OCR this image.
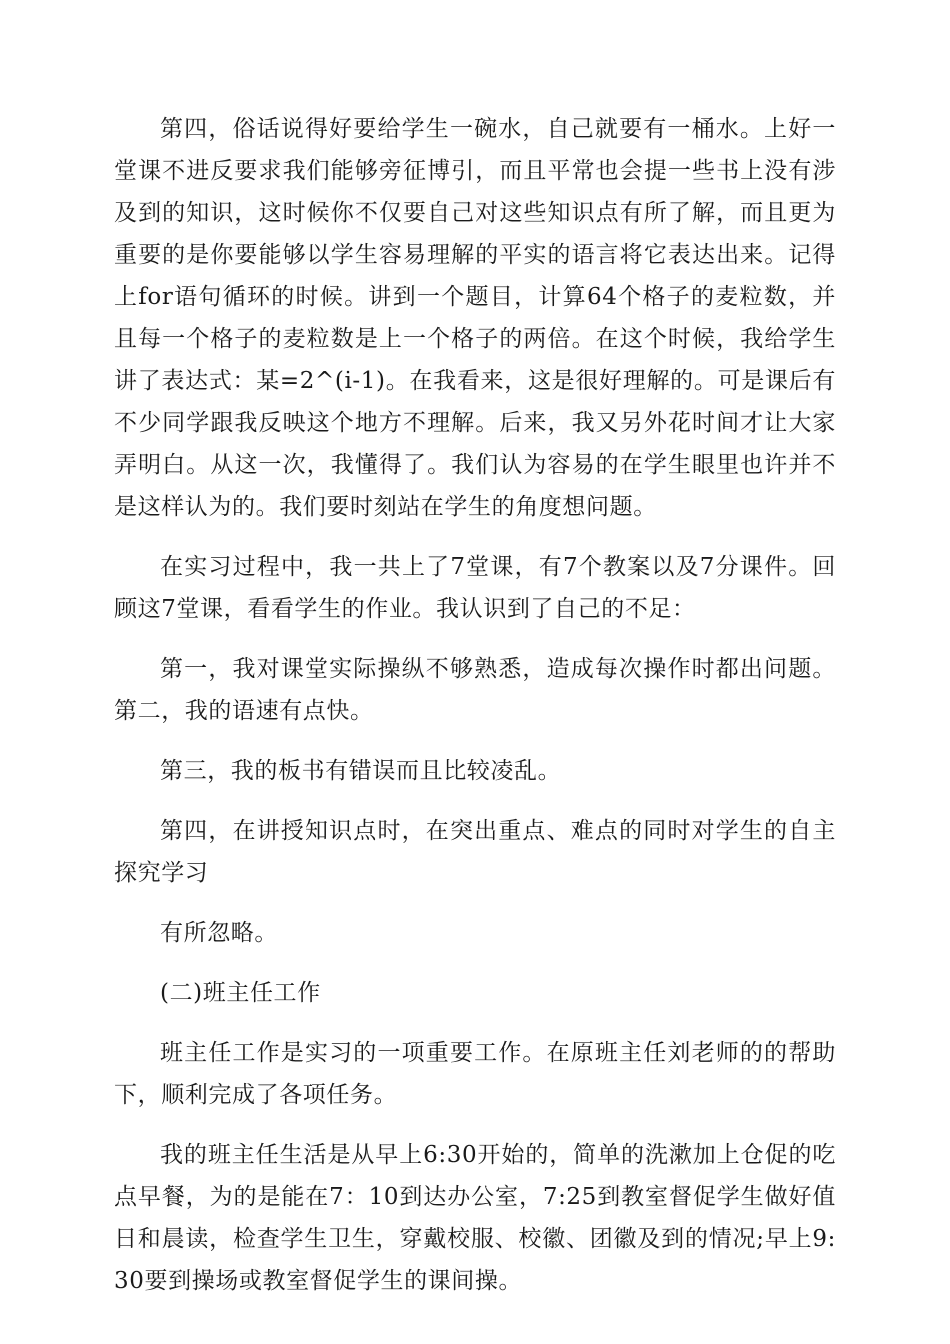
第四，俗话说得好要给学生一碗水，自己就要有一桶水。上好一堂课不进反要求我们能够旁征博引，而且平常也会提一些书上没有涉及到的知识，这时候你不仅要自己对这些知识点有所了解，而且更为重要的是你要能够以学生容易理解的平实的语言将它表达出来。记得上for语句循环的时候。讲到一个题目，计算64个格子的麦粒数，并且每一个格子的麦粒数是上一个格子的两倍。在这个时候，我给学生讲了表达式：某=2^(i-1)。在我看来，这是很好理解的。可是课后有不少同学跟我反映这个地方不理解。后来，我又另外花时间才让大家弄明白。从这一次，我懂得了。我们认为容易的在学生眼里也许并不是这样认为的。我们要时刻站在学生的角度想问题。

在实习过程中，我一共上了7堂课，有7个教案以及7分课件。回顾这7堂课，看看学生的作业。我认识到了自己的不足：

第一，我对课堂实际操纵不够熟悉，造成每次操作时都出问题。第二，我的语速有点快。

第三，我的板书有错误而且比较凌乱。

第四，在讲授知识点时，在突出重点、难点的同时对学生的自主探究学习

有所忽略。

(二)班主任工作

班主任工作是实习的一项重要工作。在原班主任刘老师的的帮助下，顺利完成了各项任务。

我的班主任生活是从早上6:30开始的，简单的洗漱加上仓促的吃点早餐，为的是能在7：10到达办公室，7:25到教室督促学生做好值日和晨读，检查学生卫生，穿戴校服、校徽、团徽及到的情况;早上9:30要到操场或教室督促学生的课间操。
